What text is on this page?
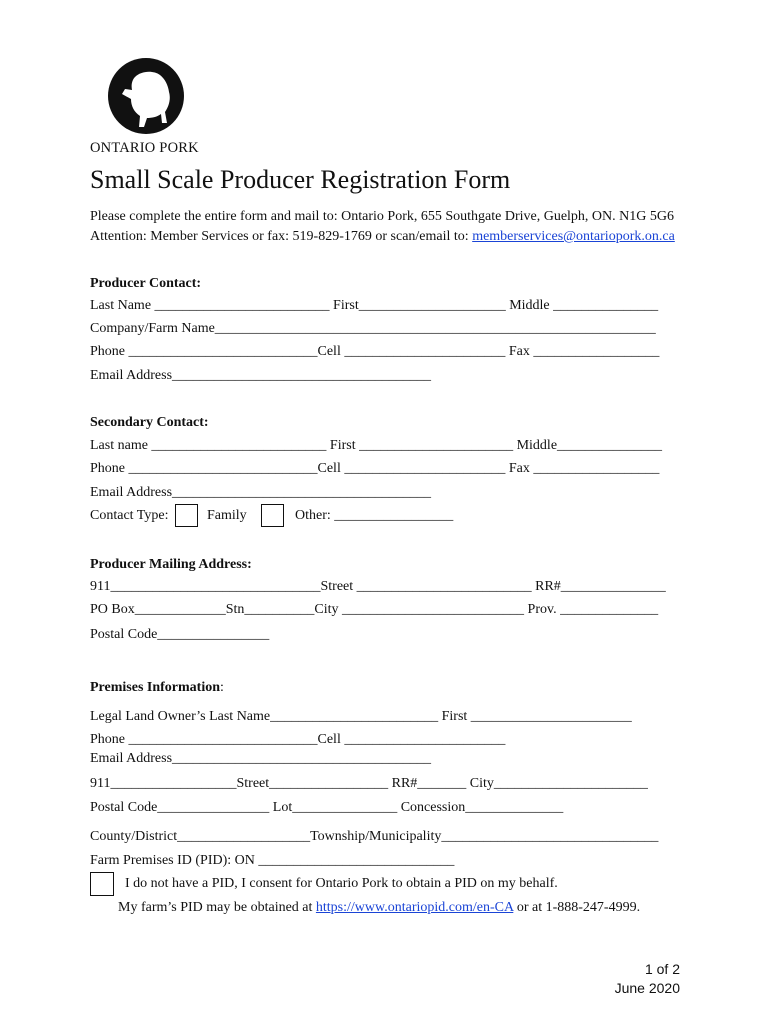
ONTARIO PORK
Small Scale Producer Registration Form
Please complete the entire form and mail to: Ontario Pork, 655 Southgate Drive, Guelph, ON. N1G 5G6
Attention: Member Services or fax: 519-829-1769 or scan/email to: memberservices@ontariopork.on.ca
Producer Contact:
Last Name _________________________ First_____________________ Middle _______________
Company/Farm Name_______________________________________________________________
Phone ___________________________Cell _______________________ Fax __________________
Email Address_____________________________________
Secondary Contact:
Last name _________________________ First ______________________ Middle_______________
Phone ___________________________Cell _______________________ Fax __________________
Email Address_____________________________________
Contact Type:	Family	Other: _________________
Producer Mailing Address:
911______________________________Street _________________________ RR#_______________
PO Box_____________Stn__________City __________________________ Prov. ______________
Postal Code________________
Premises Information:
Legal Land Owner’s Last Name________________________ First _______________________
Phone ___________________________Cell _______________________
Email Address_____________________________________
911__________________Street_________________ RR#_______ City______________________
Postal Code________________ Lot_______________ Concession______________
County/District___________________Township/Municipality_______________________________
Farm Premises ID (PID): ON ____________________________
I do not have a PID, I consent for Ontario Pork to obtain a PID on my behalf.
My farm’s PID may be obtained at https://www.ontariopid.com/en-CA or at 1-888-247-4999.
1 of 2
June 2020
